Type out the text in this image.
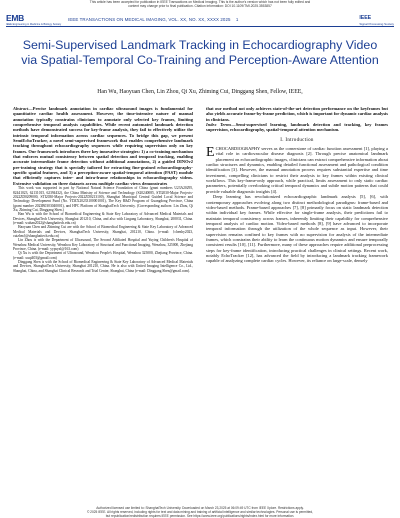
This article has been accepted for publication in IEEE Transactions on Medical Imaging. This is the author's version which has not been fully edited and
content may change prior to final publication. Citation information: DOI 10.1109/TMI.2025.3553857
EMB
IEEE Engineering in Medicine & Biology Society
IEEE TRANSACTIONS ON MEDICAL IMAGING, VOL. XX, NO. XX, XXXX 2025 1	IEEE
Signal Processing Society
Semi-Supervised Landmark Tracking in Echocardiography Video via Spatial-Temporal Co-Training and Perception-Aware Attention
Han Wu, Haoyuan Chen, Lin Zhou, Qi Xu, Zhiming Cui, Dinggang Shen, Fellow, IEEE,

Abstract—Precise landmark annotation in cardiac ultrasound images is fundamental for quantitative cardiac health assessment. However, the time-intensive nature of manual annotation typically constrains clinicians to annotate only selected key frames, limiting comprehensive temporal analysis capabilities. While recent automated landmark detection methods have demonstrated success for key-frame analysis, they fail to effectively utilize the intrinsic temporal information across cardiac sequences. To bridge this gap, we present SemiEchoTracker, a novel semi-supervised framework that enables comprehensive landmark tracking throughout echocardiography sequences while requiring supervision only on key frames. Our framework introduces three key innovative strategies: 1) a co-training mechanism that enforces mutual consistency between spatial detection and temporal tracking, enabling accurate intermediate frame detection without additional annotations, 2) a guided DINOv2 pre-training strategy that is specially tailored for extracting fine-grained echocardiography-specific spatial features, and 3) a perception-aware spatial-temporal attention (PAST) module that efficiently captures inter- and intra-frame relationships in echocardiography videos. Extensive validation on three datasets across multiple cardiac views demonstrates

This work was supported in part by National Natural Science Foundation of China (grant numbers U23A20295, 82441023, 62131015, 62394432), the China Ministry of Science and Technology (S20240085, STI2030-Major Projects-2022ZD0209000, STI2030-Major Projects-2022ZD0213100), Shanghai Municipal Central Guided Local Science and Technology Development Fund (No. YDZX20233100001001), The Key R&D Program of Guangdong Province, China (grant number 2023B0303040001), and HPC Platform of ShanghaiTech University. (Corresponding authors: Lin Zhou, Qi Xu, Zhiming Cui, Dinggang Shen.)

Han Wu is with the School of Biomedical Engineering & State Key Laboratory of Advanced Medical Materials and Devices, ShanghaiTech University, Shanghai 201210, China, and also with Lingang Laboratory, Shanghai, 200031, China. (e-mail: wuhan2022@shanghaitech.edu.cn)

Haoyuan Chen and Zhiming Cui are with the School of Biomedical Engineering & State Key Laboratory of Advanced Medical Materials and Devices, ShanghaiTech University, Shanghai, 201210, China. (e-mail: {chenhy2023, cuizhm}@shanghaitech.edu.cn)

Lin Zhou is with the Department of Ultrasound, The Second Affiliated Hospital and Yuying Children's Hospital of Wenzhou Medical University, Wenzhou Key Laboratory of Structural and Functional Imaging, Wenzhou, 325000, Zhejiang Province, China. (e-mail: yypsyzl@163.com)

Qi Xu is with the Department of Ultrasound, Wenzhou People's Hospital, Wenzhou 325000, Zhejiang Province, China. (e-mail: xuqi403@gmail.com)

Dinggang Shen is with the School of Biomedical Engineering & State Key Laboratory of Advanced Medical Materials and Devices, ShanghaiTech University, Shanghai 201210, China. He is also with United Imaging Intelligence Co., Ltd., Shanghai, China, and Shanghai Clinical Research and Trial Center, Shanghai, China (e-mail: Dinggang.Shen@gmail.com).

that our method not only achieves state-of-the-art detection performance on the keyframes but also yields accurate frame-by-frame prediction, which is important for dynamic cardiac analysis in clinicians.

Index Terms—Semi-supervised learning, landmark detection and tracking, key frames supervision, echocardiography, spatial-temporal attention mechanism.

I. Introduction

ECHOCARDIOGRAPHY serves as the cornerstone of cardiac function assessment [1], playing a vital role in cardiovascular disease diagnosis [2]. Through precise anatomical landmark placement on echocardiographic images, clinicians can extract comprehensive information about cardiac structures and dynamics, enabling detailed functional assessment and pathological condition identification [3]. However, the manual annotation process requires substantial expertise and time investment, compelling clinicians to restrict their analysis to key frames within existing clinical workflows. This key-frame-only approach, while practical, limits assessment to only static cardiac parameters, potentially overlooking critical temporal dynamics and subtle motion patterns that could provide valuable diagnostic insights [4].

Deep learning has revolutionized echocardiographic landmark analysis [5], [6], with contemporary approaches evolving along two distinct methodological paradigms: frame-based and video-based methods. Frame-based approaches [7], [8] primarily focus on static landmark detection within individual key frames. While effective for single-frame analysis, their predictions fail to maintain temporal consistency across frames, inherently limiting their capability for comprehensive temporal analysis of cardiac motion. Video-based methods [8], [9] have advanced to incorporate temporal information through the utilization of the whole sequence as input. However, their supervision remains confined to key frames with no supervision for analysis of the intermediate frames, which constrains their ability to learn the continuous motion dynamics and ensure temporally consistent results [10], [11]. Furthermore, many of these approaches require additional preprocessing steps for key-frame identification, introducing practical challenges in clinical settings. Recent work, notably EchoTracker [12], has advanced the field by introducing a landmark tracking framework capable of analyzing complete cardiac cycles. However, its reliance on large-scale, densely

Authorized licensed use limited to: ShanghaiTech University. Downloaded on March 23,2025 at 06:09:49 UTC from IEEE Xplore. Restrictions apply.
© 2025 IEEE. All rights reserved, including rights for text and data mining and training of artificial intelligence and similar technologies. Personal use is permitted,
but republication/redistribution requires IEEE permission. See https://www.ieee.org/publications/rights/index.html for more information.
